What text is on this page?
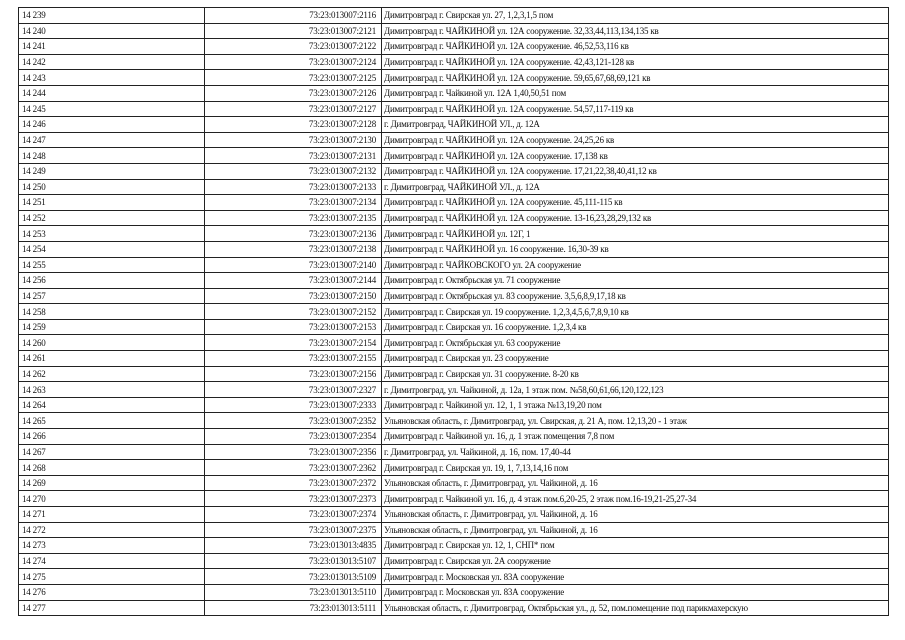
14 239	73:23:013007:2116	Димитровград г. Свирская ул. 27, 1,2,3,1,5 пом
14 240	73:23:013007:2121	Димитровград г. ЧАЙКИНОЙ ул. 12А сооружение. 32,33,44,113,134,135 кв
14 241	73:23:013007:2122	Димитровград г. ЧАЙКИНОЙ ул. 12А сооружение. 46,52,53,116 кв
14 242	73:23:013007:2124	Димитровград г. ЧАЙКИНОЙ ул. 12А сооружение. 42,43,121-128 кв
14 243	73:23:013007:2125	Димитровград г. ЧАЙКИНОЙ ул. 12А сооружение. 59,65,67,68,69,121 кв
14 244	73:23:013007:2126	Димитровград г. Чайкиной ул. 12А 1,40,50,51 пом
14 245	73:23:013007:2127	Димитровград г. ЧАЙКИНОЙ ул. 12А сооружение. 54,57,117-119 кв
14 246	73:23:013007:2128	г. Димитровград, ЧАЙКИНОЙ УЛ., д. 12А
14 247	73:23:013007:2130	Димитровград г. ЧАЙКИНОЙ ул. 12А сооружение. 24,25,26 кв
14 248	73:23:013007:2131	Димитровград г. ЧАЙКИНОЙ ул. 12А сооружение. 17,138 кв
14 249	73:23:013007:2132	Димитровград г. ЧАЙКИНОЙ ул. 12А сооружение. 17,21,22,38,40,41,12 кв
14 250	73:23:013007:2133	г. Димитровград, ЧАЙКИНОЙ УЛ., д. 12А
14 251	73:23:013007:2134	Димитровград г. ЧАЙКИНОЙ ул. 12А сооружение. 45,111-115 кв
14 252	73:23:013007:2135	Димитровград г. ЧАЙКИНОЙ ул. 12А сооружение. 13-16,23,28,29,132 кв
14 253	73:23:013007:2136	Димитровград г. ЧАЙКИНОЙ ул. 12Г, 1
14 254	73:23:013007:2138	Димитровград г. ЧАЙКИНОЙ ул. 16 сооружение. 16,30-39 кв
14 255	73:23:013007:2140	Димитровград г. ЧАЙКОВСКОГО ул. 2А сооружение
14 256	73:23:013007:2144	Димитровград г. Октябрьская ул. 71 сооружение
14 257	73:23:013007:2150	Димитровград г. Октябрьская ул. 83 сооружение. 3,5,6,8,9,17,18 кв
14 258	73:23:013007:2152	Димитровград г. Свирская ул. 19 сооружение. 1,2,3,4,5,6,7,8,9,10 кв
14 259	73:23:013007:2153	Димитровград г. Свирская ул. 16 сооружение. 1,2,3,4 кв
14 260	73:23:013007:2154	Димитровград г. Октябрьская ул. 63 сооружение
14 261	73:23:013007:2155	Димитровград г. Свирская ул. 23 сооружение
14 262	73:23:013007:2156	Димитровград г. Свирская ул. 31 сооружение. 8-20 кв
14 263	73:23:013007:2327	г. Димитровград, ул. Чайкиной, д. 12а, 1 этаж пом. №58,60,61,66,120,122,123
14 264	73:23:013007:2333	Димитровград г. Чайкиной ул. 12, 1, 1 этажа №13,19,20 пом
14 265	73:23:013007:2352	Ульяновская область, г. Димитровград, ул. Свирская, д. 21 А, пом. 12,13,20 - 1 этаж
14 266	73:23:013007:2354	Димитровград г. Чайкиной ул. 16, д. 1 этаж помещения 7,8 пом
14 267	73:23:013007:2356	г. Димитровград, ул. Чайкиной, д. 16, пом. 17,40-44
14 268	73:23:013007:2362	Димитровград г. Свирская ул. 19, 1, 7,13,14,16 пом
14 269	73:23:013007:2372	Ульяновская область, г. Димитровград, ул. Чайкиной, д. 16
14 270	73:23:013007:2373	Димитровград г. Чайкиной ул. 16, д. 4 этаж пом.6,20-25, 2 этаж пом.16-19,21-25,27-34
14 271	73:23:013007:2374	Ульяновская область, г. Димитровград, ул. Чайкиной, д. 16
14 272	73:23:013007:2375	Ульяновская область, г. Димитровград, ул. Чайкиной, д. 16
14 273	73:23:013013:4835	Димитровград г. Свирская ул. 12, 1, СНП* пом
14 274	73:23:013013:5107	Димитровград г. Свирская ул. 2А сооружение
14 275	73:23:013013:5109	Димитровград г. Московская ул. 83А сооружение
14 276	73:23:013013:5110	Димитровград г. Московская ул. 83А сооружение
14 277	73:23:013013:5111	Ульяновская область, г. Димитровград, Октябрьская ул., д. 52, пом.помещение под парикмахерскую
